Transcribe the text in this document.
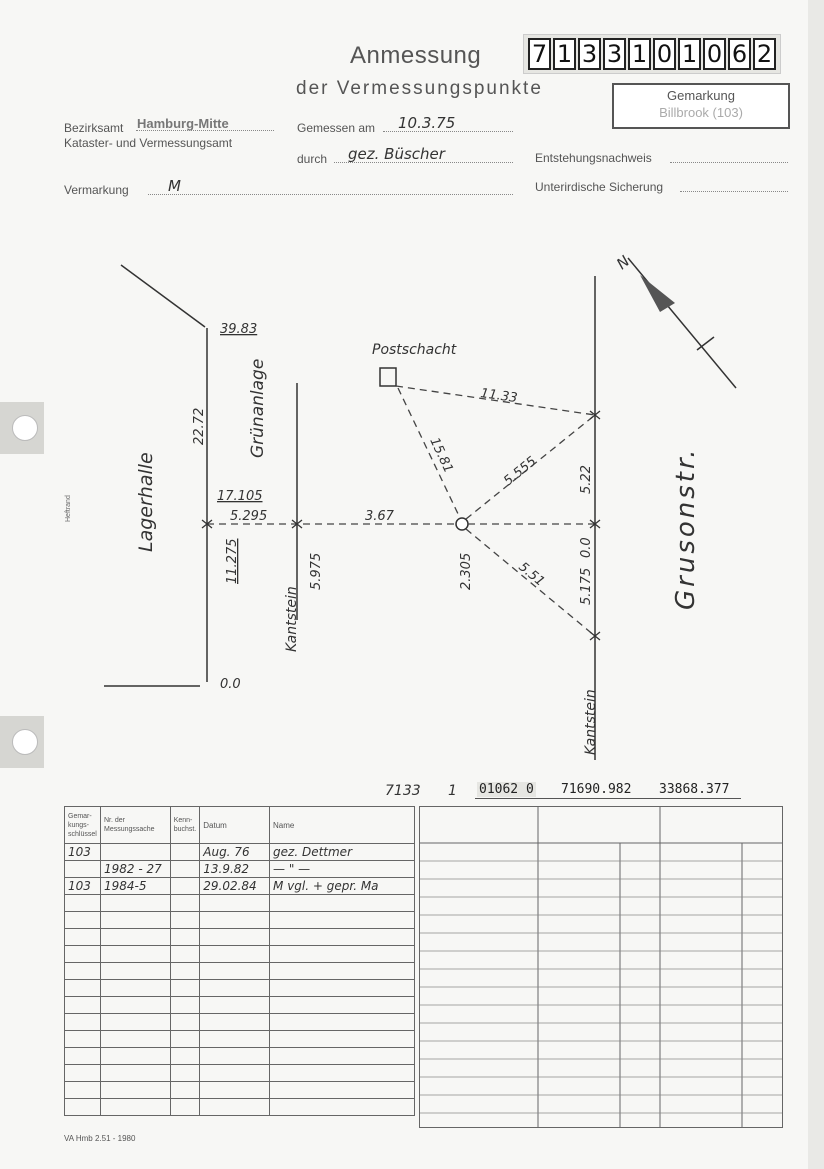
Anmessung
der Vermessungspunkte
7 1 3 3 1 0 1 0 6 2
Gemarkung
Billbrook (103)
Bezirksamt Hamburg-Mitte
Kataster- und Vermessungsamt
Gemessen am 10.3.75
durch gez. Büscher	Entstehungsnachweis
Vermarkung	M	Unterirdische Sicherung
39.83
22.72
17.105
5.295
11.275
0.0
5.975
3.67
11.33
15.81	5.555	5.22
0.0
2.305	5.51 5.175
Postschacht
Lagerhalle
Grünanlage
Kantstein
Kantstein
Grusonstr.
N
Heftrand
7133 1 01062 0 71690.982 33868.377
Gemar-kungs-schlüssel	Nr. der Messungssache	Kenn-buchst.	Datum	Name
103			Aug. 76	gez. Dettmer
	1982 - 27		13.9.82	— " —
103	1984-5		29.02.84	M vgl. + gepr. Ma

VA Hmb 2.51 - 1980
